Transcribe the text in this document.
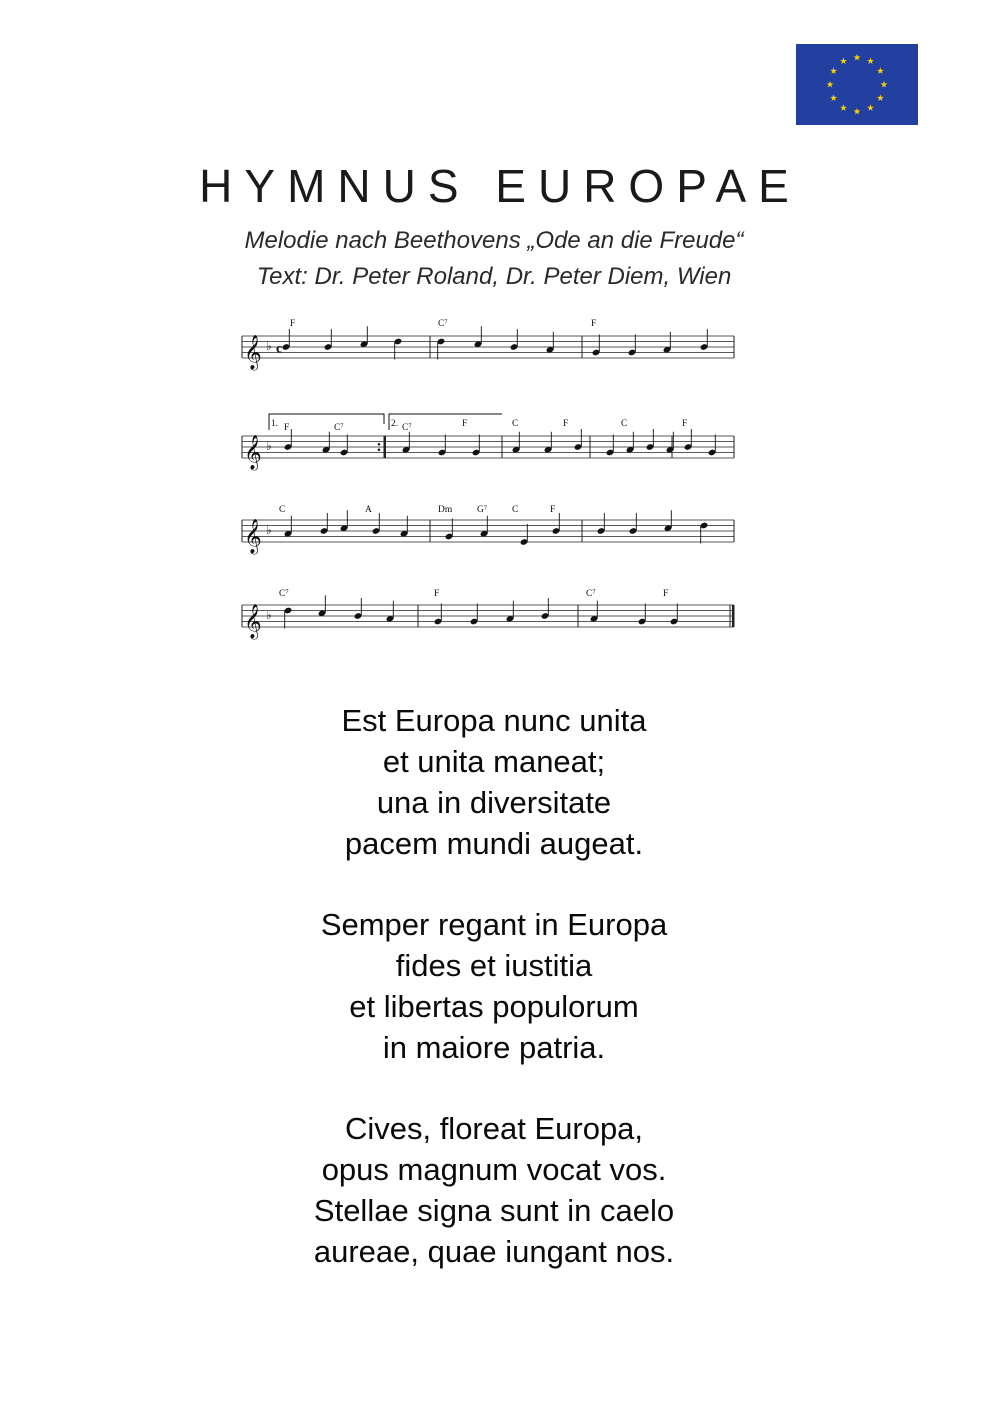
HYMNUS EUROPAE
Melodie nach Beethovens „Ode an die Freude“
Text: Dr. Peter Roland, Dr. Peter Diem, Wien
𝄞 ♭ c
𝄞 ♭
𝄞 ♭
𝄞 ♭
F	C⁷	F
F	C⁷	C⁷	F	C	F	C	F
1.	2.
C	A	Dm	G⁷	C	F
C⁷	F	C⁷	F
Est Europa nunc unita
et unita maneat;
una in diversitate
pacem mundi augeat.
Semper regant in Europa
fides et iustitia
et libertas populorum
in maiore patria.
Cives, floreat Europa,
opus magnum vocat vos.
Stellae signa sunt in caelo
aureae, quae iungant nos.
